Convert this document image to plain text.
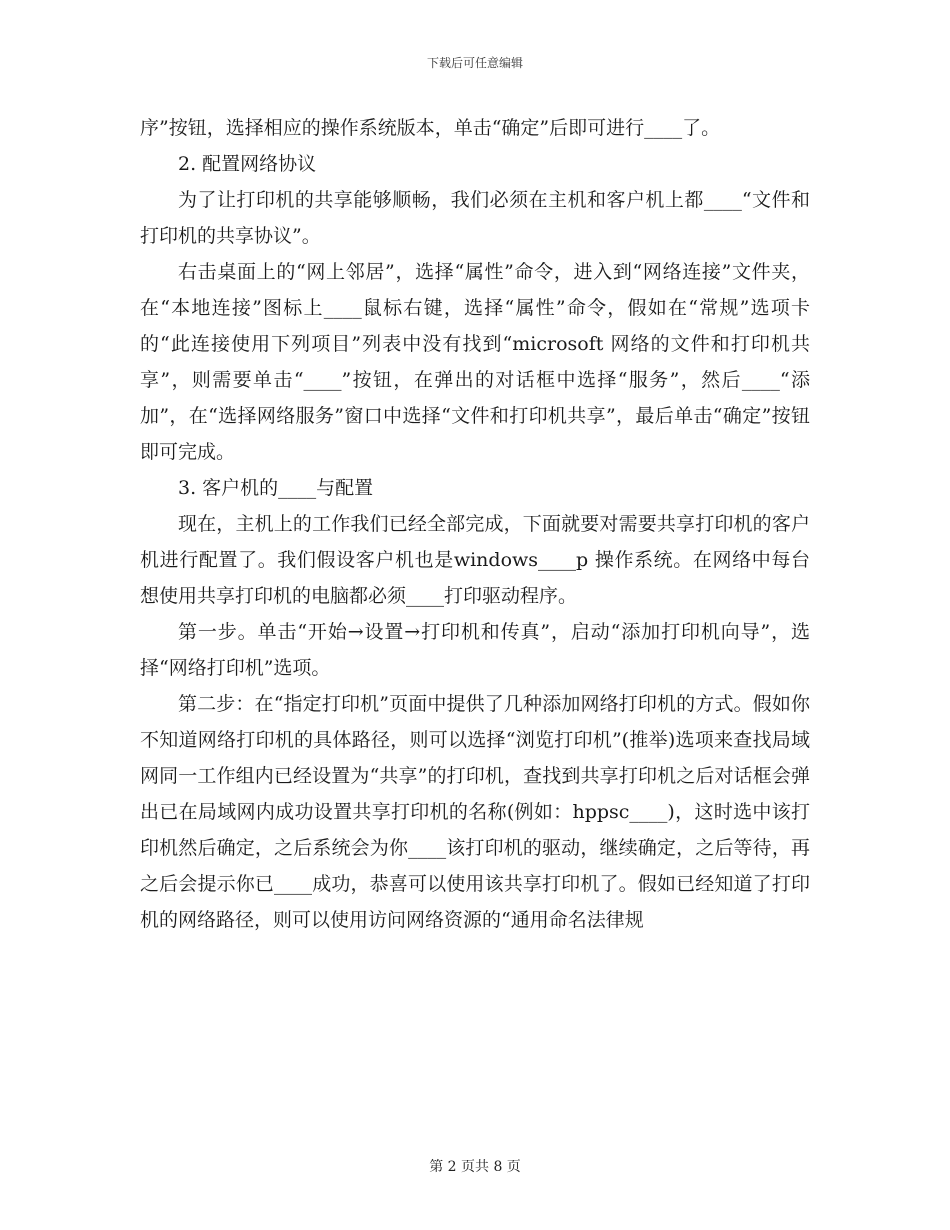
下载后可任意编辑

序”按钮，选择相应的操作系统版本，单击“确定”后即可进行____了。

2. 配置网络协议

为了让打印机的共享能够顺畅，我们必须在主机和客户机上都____“文件和打印机的共享协议”。

右击桌面上的“网上邻居”，选择“属性”命令，进入到“网络连接”文件夹，在“本地连接”图标上____鼠标右键，选择“属性”命令，假如在“常规”选项卡的“此连接使用下列项目”列表中没有找到“microsoft 网络的文件和打印机共享”，则需要单击“____”按钮，在弹出的对话框中选择“服务”，然后____“添加”，在“选择网络服务”窗口中选择“文件和打印机共享”，最后单击“确定”按钮即可完成。

3. 客户机的____与配置

现在，主机上的工作我们已经全部完成，下面就要对需要共享打印机的客户机进行配置了。我们假设客户机也是windows____p 操作系统。在网络中每台想使用共享打印机的电脑都必须____打印驱动程序。

第一步。单击“开始→设置→打印机和传真”，启动“添加打印机向导”，选择“网络打印机”选项。

第二步：在“指定打印机”页面中提供了几种添加网络打印机的方式。假如你不知道网络打印机的具体路径，则可以选择“浏览打印机”(推举)选项来查找局域网同一工作组内已经设置为“共享”的打印机，查找到共享打印机之后对话框会弹出已在局域网内成功设置共享打印机的名称(例如：hppsc____)，这时选中该打印机然后确定，之后系统会为你____该打印机的驱动，继续确定，之后等待，再之后会提示你已____成功，恭喜可以使用该共享打印机了。假如已经知道了打印机的网络路径，则可以使用访问网络资源的“通用命名法律规

第 2 页共 8 页
